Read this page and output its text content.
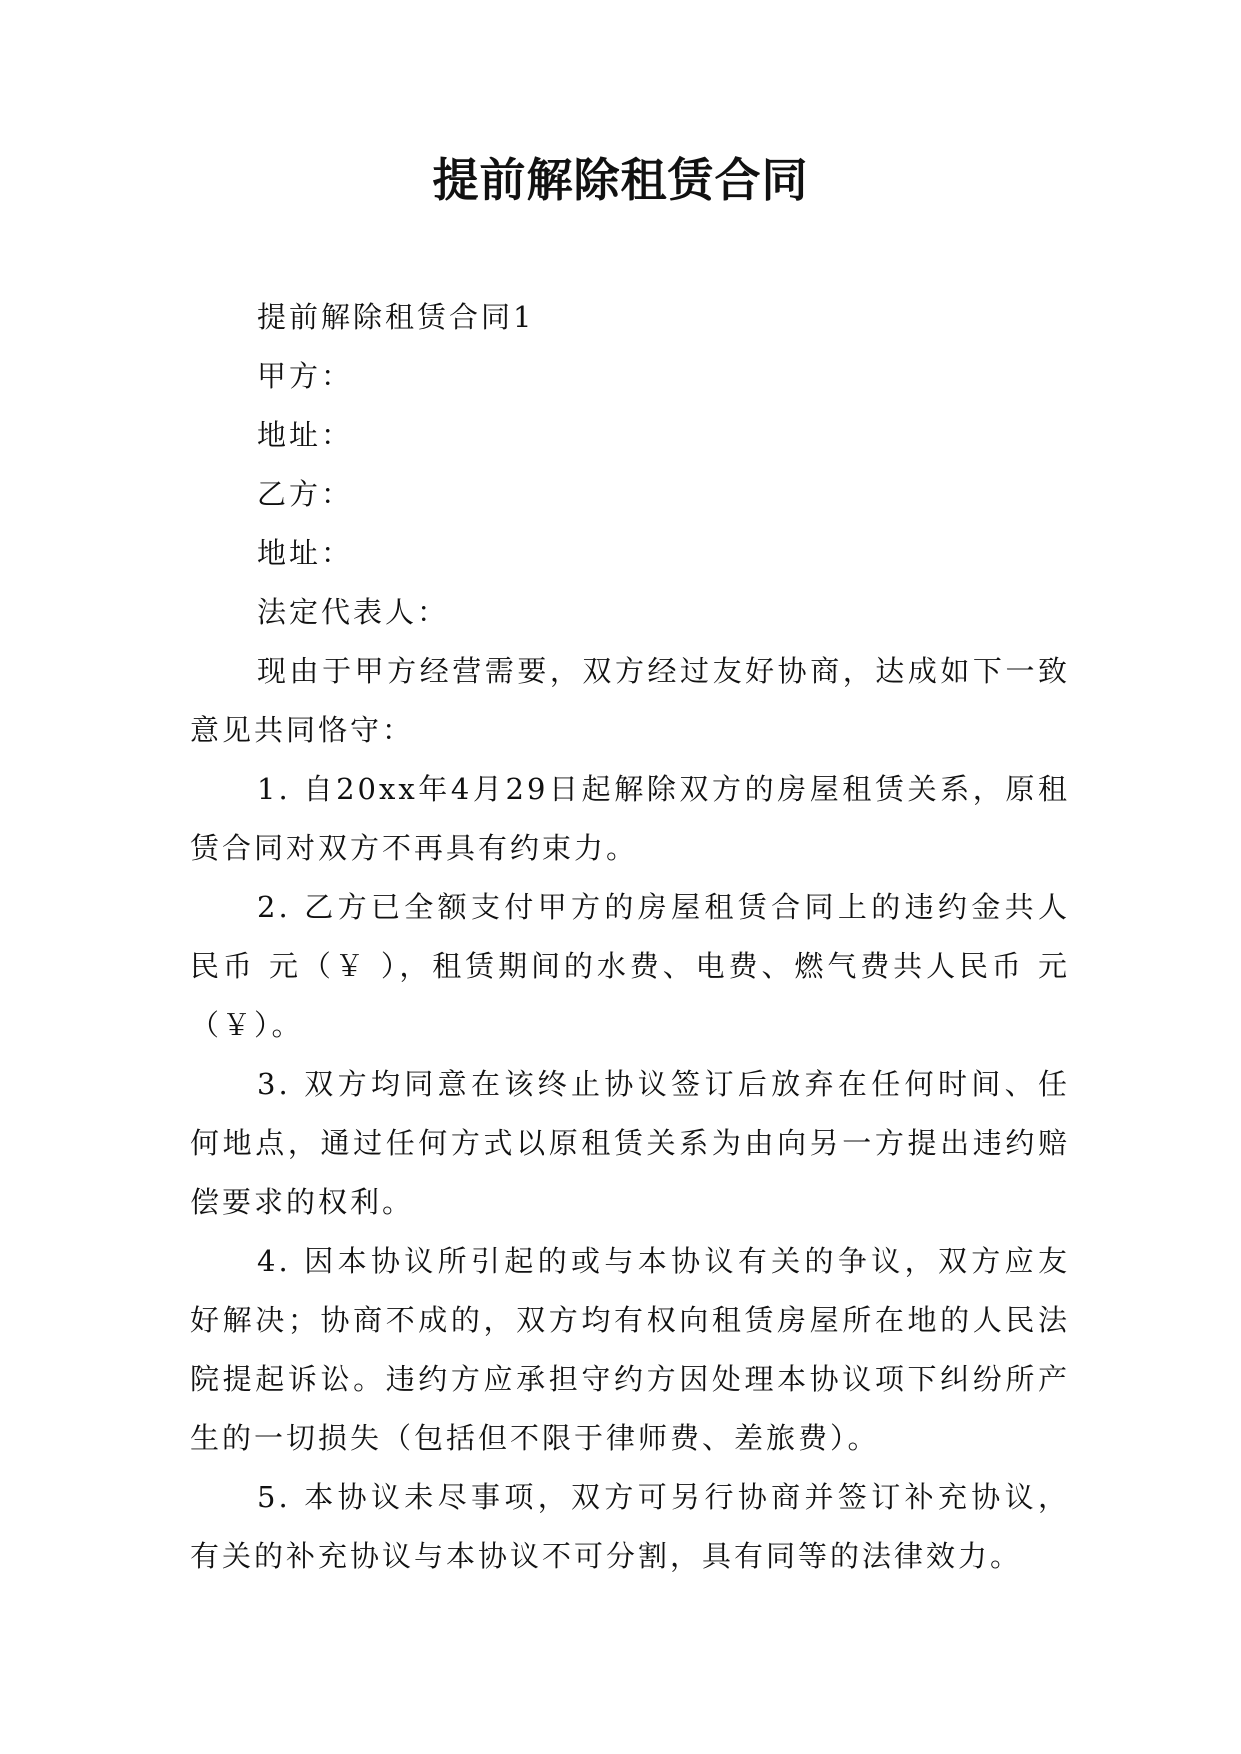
提前解除租赁合同

提前解除租赁合同1

甲方：

地址：

乙方：

地址：

法定代表人：

现由于甲方经营需要，双方经过友好协商，达成如下一致意见共同恪守：

1. 自20xx年4月29日起解除双方的房屋租赁关系，原租赁合同对双方不再具有约束力。

2. 乙方已全额支付甲方的房屋租赁合同上的违约金共人民币 元（￥ ），租赁期间的水费、电费、燃气费共人民币 元（￥）。

3. 双方均同意在该终止协议签订后放弃在任何时间、任何地点，通过任何方式以原租赁关系为由向另一方提出违约赔偿要求的权利。

4. 因本协议所引起的或与本协议有关的争议，双方应友好解决；协商不成的，双方均有权向租赁房屋所在地的人民法院提起诉讼。违约方应承担守约方因处理本协议项下纠纷所产生的一切损失（包括但不限于律师费、差旅费）。

5. 本协议未尽事项，双方可另行协商并签订补充协议，有关的补充协议与本协议不可分割，具有同等的法律效力。
